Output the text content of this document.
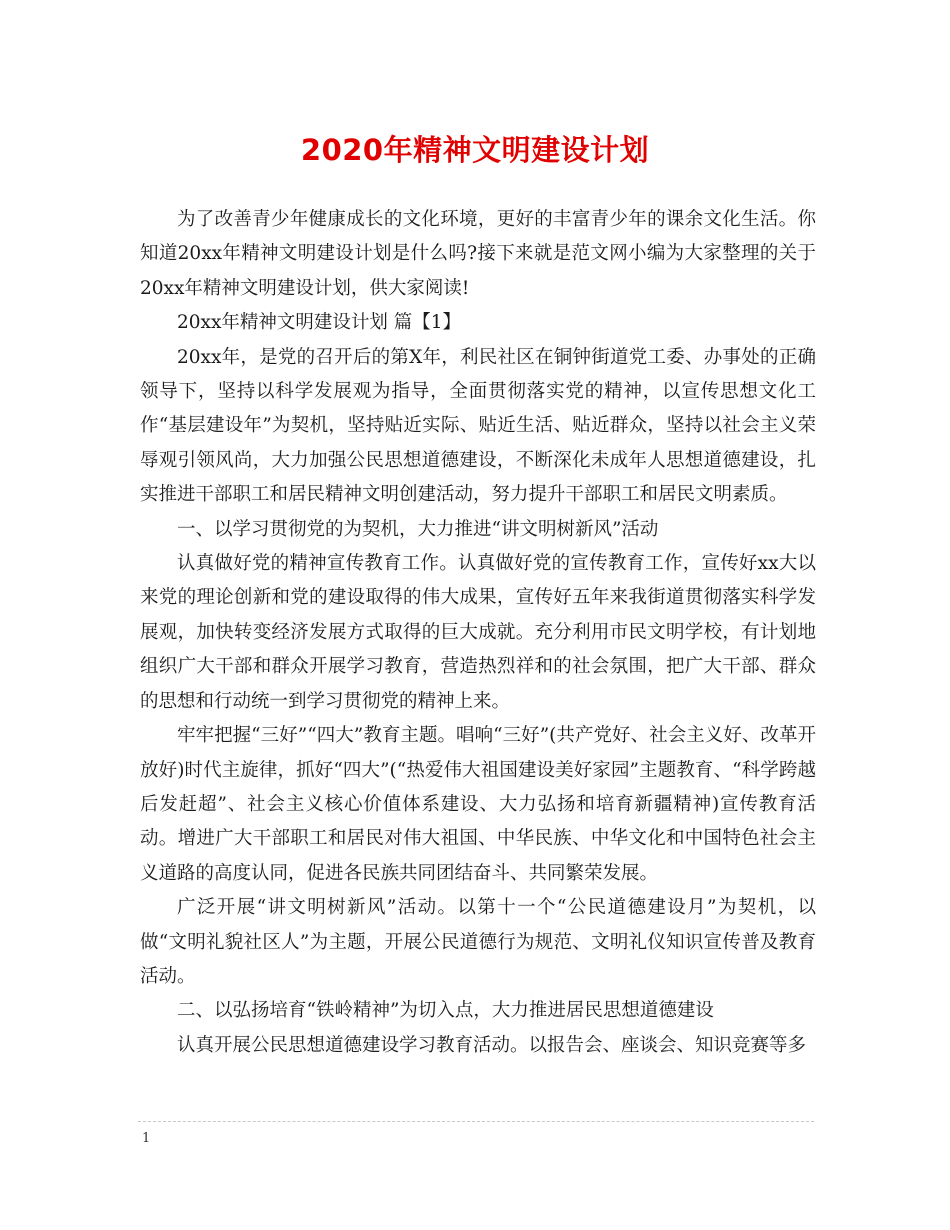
2020年精神文明建设计划

为了改善青少年健康成长的文化环境，更好的丰富青少年的课余文化生活。你知道20xx年精神文明建设计划是什么吗?接下来就是范文网小编为大家整理的关于20xx年精神文明建设计划，供大家阅读!

20xx年精神文明建设计划 篇【1】

20xx年，是党的召开后的第X年，利民社区在铜钟街道党工委、办事处的正确领导下，坚持以科学发展观为指导，全面贯彻落实党的精神，以宣传思想文化工作“基层建设年”为契机，坚持贴近实际、贴近生活、贴近群众，坚持以社会主义荣辱观引领风尚，大力加强公民思想道德建设，不断深化未成年人思想道德建设，扎实推进干部职工和居民精神文明创建活动，努力提升干部职工和居民文明素质。

一、以学习贯彻党的为契机，大力推进“讲文明树新风”活动

认真做好党的精神宣传教育工作。认真做好党的宣传教育工作，宣传好xx大以来党的理论创新和党的建设取得的伟大成果，宣传好五年来我街道贯彻落实科学发展观，加快转变经济发展方式取得的巨大成就。充分利用市民文明学校，有计划地组织广大干部和群众开展学习教育，营造热烈祥和的社会氛围，把广大干部、群众的思想和行动统一到学习贯彻党的精神上来。

牢牢把握“三好”“四大”教育主题。唱响“三好”(共产党好、社会主义好、改革开放好)时代主旋律，抓好“四大”(“热爱伟大祖国建设美好家园”主题教育、“科学跨越后发赶超”、社会主义核心价值体系建设、大力弘扬和培育新疆精神)宣传教育活动。增进广大干部职工和居民对伟大祖国、中华民族、中华文化和中国特色社会主义道路的高度认同，促进各民族共同团结奋斗、共同繁荣发展。

广泛开展“讲文明树新风”活动。以第十一个“公民道德建设月”为契机，以做“文明礼貌社区人”为主题，开展公民道德行为规范、文明礼仪知识宣传普及教育活动。

二、以弘扬培育“铁岭精神”为切入点，大力推进居民思想道德建设

认真开展公民思想道德建设学习教育活动。以报告会、座谈会、知识竞赛等多

1
